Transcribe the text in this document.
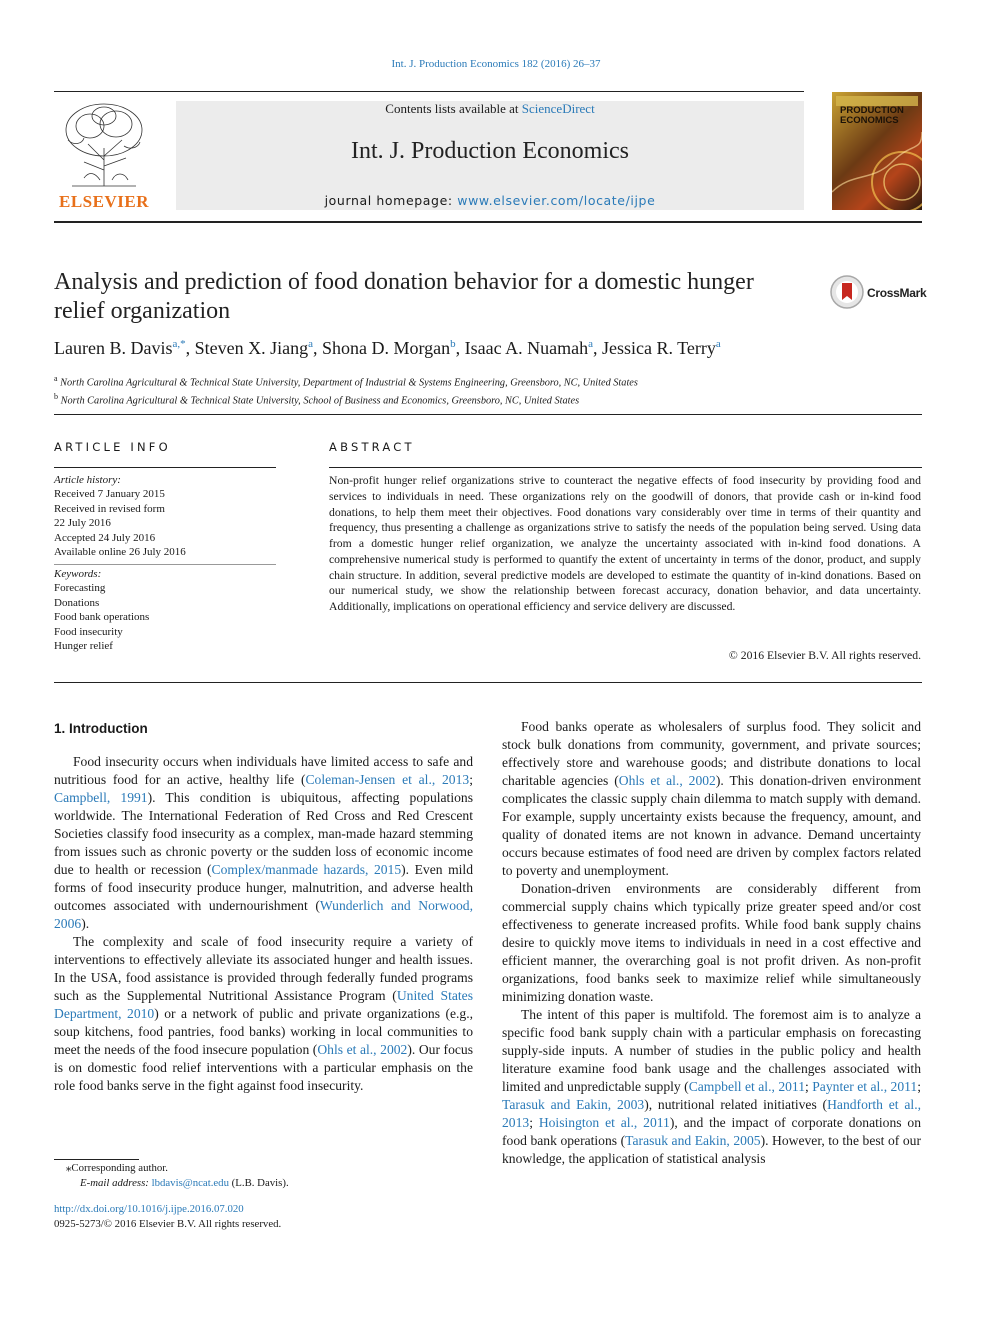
Int. J. Production Economics 182 (2016) 26–37
ELSEVIER
Contents lists available at ScienceDirect
Int. J. Production Economics
journal homepage: www.elsevier.com/locate/ijpe
PRODUCTION ECONOMICS
Analysis and prediction of food donation behavior for a domestic hunger relief organization
CrossMark
Lauren B. Davis$^{a,*}$, Steven X. Jiang$^a$, Shona D. Morgan$^b$, Isaac A. Nuamah$^a$, Jessica R. Terry$^a$
$^a$ North Carolina Agricultural & Technical State University, Department of Industrial & Systems Engineering, Greensboro, NC, United States
$^b$ North Carolina Agricultural & Technical State University, School of Business and Economics, Greensboro, NC, United States
ARTICLE INFO
Article history:
Received 7 January 2015
Received in revised form
22 July 2016
Accepted 24 July 2016
Available online 26 July 2016
Keywords:
Forecasting
Donations
Food bank operations
Food insecurity
Hunger relief
ABSTRACT
Non-profit hunger relief organizations strive to counteract the negative effects of food insecurity by providing food and services to individuals in need. These organizations rely on the goodwill of donors, that provide cash or in-kind food donations, to help them meet their objectives. Food donations vary considerably over time in terms of their quantity and frequency, thus presenting a challenge as organizations strive to satisfy the needs of the population being served. Using data from a domestic hunger relief organization, we analyze the uncertainty associated with in-kind food donations. A comprehensive numerical study is performed to quantify the extent of uncertainty in terms of the donor, product, and supply chain structure. In addition, several predictive models are developed to estimate the quantity of in-kind donations. Based on our numerical study, we show the relationship between forecast accuracy, donation behavior, and data uncertainty. Additionally, implications on operational efficiency and service delivery are discussed.
© 2016 Elsevier B.V. All rights reserved.
1. Introduction

Food insecurity occurs when individuals have limited access to safe and nutritious food for an active, healthy life (Coleman-Jensen et al., 2013; Campbell, 1991). This condition is ubiquitous, affecting populations worldwide. The International Federation of Red Cross and Red Crescent Societies classify food insecurity as a complex, man-made hazard stemming from issues such as chronic poverty or the sudden loss of economic income due to health or recession (Complex/manmade hazards, 2015). Even mild forms of food insecurity produce hunger, malnutrition, and adverse health outcomes associated with undernourishment (Wunderlich and Norwood, 2006).

The complexity and scale of food insecurity require a variety of interventions to effectively alleviate its associated hunger and health issues. In the USA, food assistance is provided through federally funded programs such as the Supplemental Nutritional Assistance Program (United States Department, 2010) or a network of public and private organizations (e.g., soup kitchens, food pantries, food banks) working in local communities to meet the needs of the food insecure population (Ohls et al., 2002). Our focus is on domestic food relief interventions with a particular emphasis on the role food banks serve in the fight against food insecurity.

Food banks operate as wholesalers of surplus food. They solicit and stock bulk donations from community, government, and private sources; effectively store and warehouse goods; and distribute donations to local charitable agencies (Ohls et al., 2002). This donation-driven environment complicates the classic supply chain dilemma to match supply with demand. For example, supply uncertainty exists because the frequency, amount, and quality of donated items are not known in advance. Demand uncertainty occurs because estimates of food need are driven by complex factors related to poverty and unemployment.

Donation-driven environments are considerably different from commercial supply chains which typically prize greater speed and/or cost effectiveness to generate increased profits. While food bank supply chains desire to quickly move items to individuals in need in a cost effective and efficient manner, the overarching goal is not profit driven. As non-profit organizations, food banks seek to maximize relief while simultaneously minimizing donation waste.

The intent of this paper is multifold. The foremost aim is to analyze a specific food bank supply chain with a particular emphasis on forecasting supply-side inputs. A number of studies in the public policy and health literature examine food bank usage and the challenges associated with limited and unpredictable supply (Campbell et al., 2011; Paynter et al., 2011; Tarasuk and Eakin, 2003), nutritional related initiatives (Handforth et al., 2013; Hoisington et al., 2011), and the impact of corporate donations on food bank operations (Tarasuk and Eakin, 2005). However, to the best of our knowledge, the application of statistical analysis

⁎Corresponding author.
E-mail address: lbdavis@ncat.edu (L.B. Davis).
http://dx.doi.org/10.1016/j.ijpe.2016.07.020
0925-5273/© 2016 Elsevier B.V. All rights reserved.
